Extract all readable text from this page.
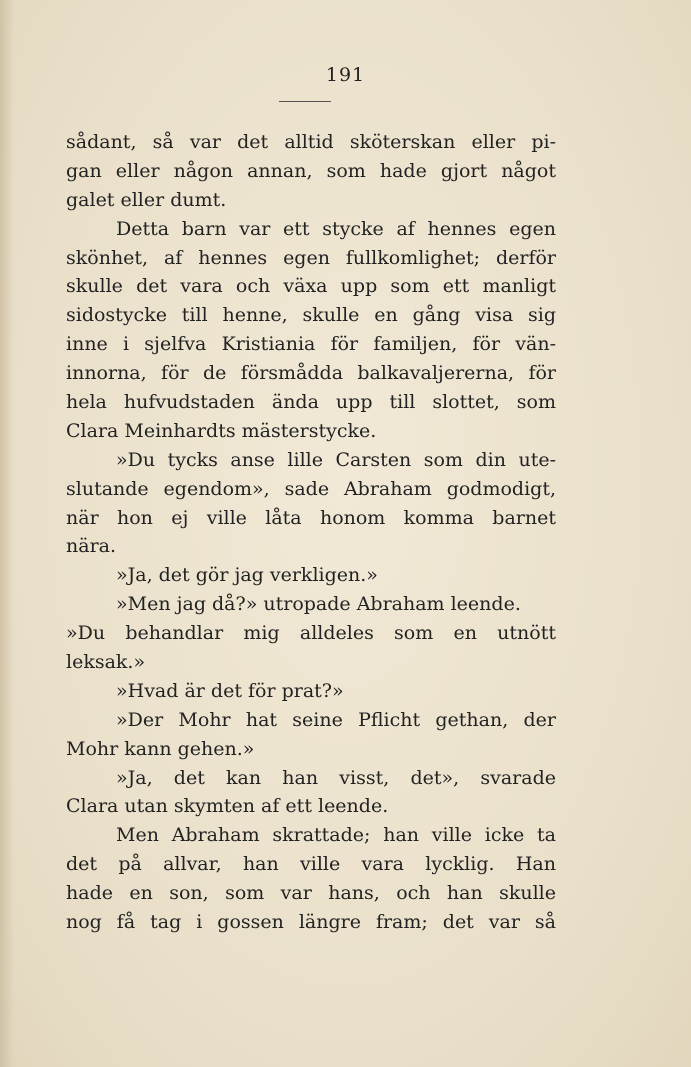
191
sådant, så var det alltid sköterskan eller pi-
gan eller någon annan, som hade gjort något
galet eller dumt.
Detta barn var ett stycke af hennes egen
skönhet, af hennes egen fullkomlighet; derför
skulle det vara och växa upp som ett manligt
sidostycke till henne, skulle en gång visa sig
inne i sjelfva Kristiania för familjen, för vän-
innorna, för de försmådda balkavaljererna, för
hela hufvudstaden ända upp till slottet, som
Clara Meinhardts mästerstycke.
»Du tycks anse lille Carsten som din ute-
slutande egendom», sade Abraham godmodigt,
när hon ej ville låta honom komma barnet
nära.
»Ja, det gör jag verkligen.»
»Men jag då?» utropade Abraham leende.
»Du behandlar mig alldeles som en utnött
leksak.»
»Hvad är det för prat?»
»Der Mohr hat seine Pflicht gethan, der
Mohr kann gehen.»
»Ja, det kan han visst, det», svarade
Clara utan skymten af ett leende.
Men Abraham skrattade; han ville icke ta
det på allvar, han ville vara lycklig. Han
hade en son, som var hans, och han skulle
nog få tag i gossen längre fram; det var så
